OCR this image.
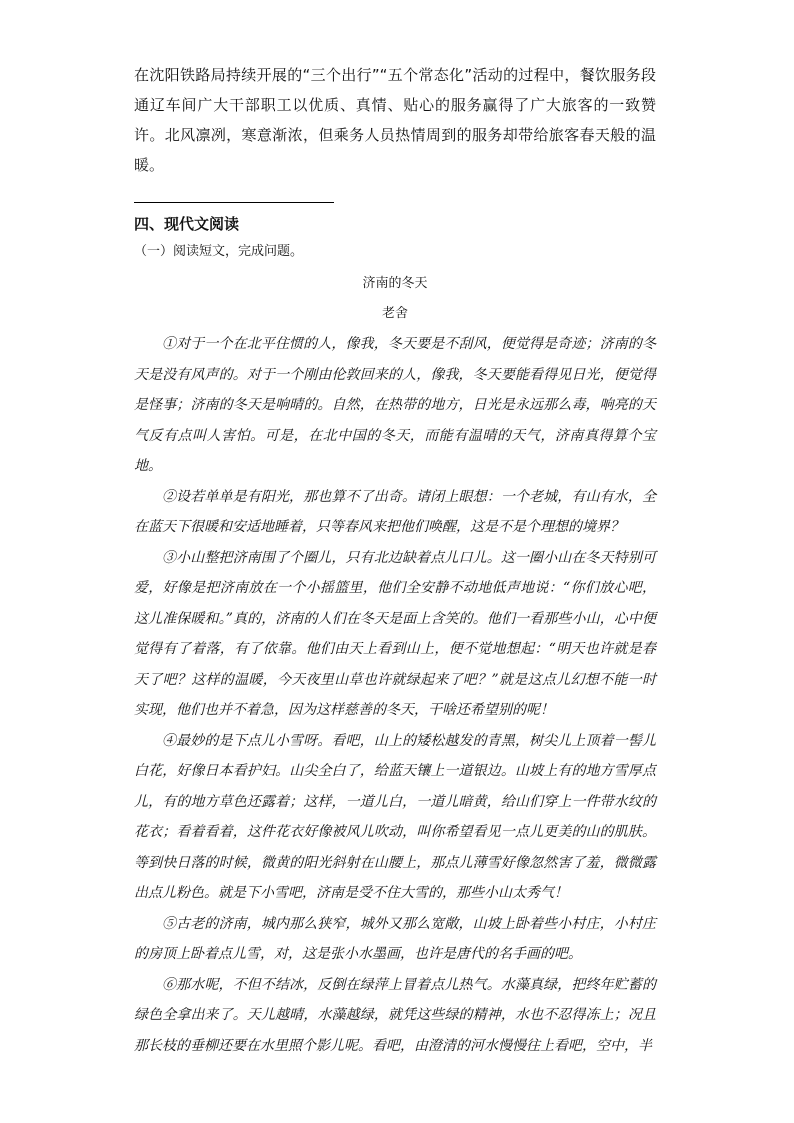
在沈阳铁路局持续开展的“三个出行”“五个常态化”活动的过程中，餐饮服务段通辽车间广大干部职工以优质、真情、贴心的服务赢得了广大旅客的一致赞许。北风凛冽，寒意渐浓，但乘务人员热情周到的服务却带给旅客春天般的温暖。

四、现代文阅读

（一）阅读短文，完成问题。

济南的冬天

老舍

①对于一个在北平住惯的人，像我，冬天要是不刮风，便觉得是奇迹；济南的冬天是没有风声的。对于一个刚由伦敦回来的人，像我，冬天要能看得见日光，便觉得是怪事；济南的冬天是响晴的。自然，在热带的地方，日光是永远那么毒，响亮的天气反有点叫人害怕。可是，在北中国的冬天，而能有温晴的天气，济南真得算个宝地。

②设若单单是有阳光，那也算不了出奇。请闭上眼想：一个老城，有山有水，全在蓝天下很暖和安适地睡着，只等春风来把他们唤醒，这是不是个理想的境界？

③小山整把济南围了个圈儿，只有北边缺着点儿口儿。这一圈小山在冬天特别可爱，好像是把济南放在一个小摇篮里，他们全安静不动地低声地说：“你们放心吧，这儿准保暖和。”真的，济南的人们在冬天是面上含笑的。他们一看那些小山，心中便觉得有了着落，有了依靠。他们由天上看到山上，便不觉地想起：“明天也许就是春天了吧？这样的温暖，今天夜里山草也许就绿起来了吧？”就是这点儿幻想不能一时实现，他们也并不着急，因为这样慈善的冬天，干啥还希望别的呢！

④最妙的是下点儿小雪呀。看吧，山上的矮松越发的青黑，树尖儿上顶着一髻儿白花，好像日本看护妇。山尖全白了，给蓝天镶上一道银边。山坡上有的地方雪厚点儿，有的地方草色还露着；这样，一道儿白，一道儿暗黄，给山们穿上一件带水纹的花衣；看着看着，这件花衣好像被风儿吹动，叫你希望看见一点儿更美的山的肌肤。等到快日落的时候，微黄的阳光斜射在山腰上，那点儿薄雪好像忽然害了羞，微微露出点儿粉色。就是下小雪吧，济南是受不住大雪的，那些小山太秀气！

⑤古老的济南，城内那么狭窄，城外又那么宽敞，山坡上卧着些小村庄，小村庄的房顶上卧着点儿雪，对，这是张小水墨画，也许是唐代的名手画的吧。

⑥那水呢，不但不结冰，反倒在绿萍上冒着点儿热气。水藻真绿，把终年贮蓄的绿色全拿出来了。天儿越晴，水藻越绿，就凭这些绿的精神，水也不忍得冻上；况且那长枝的垂柳还要在水里照个影儿呢。看吧，由澄清的河水慢慢往上看吧，空中，半
